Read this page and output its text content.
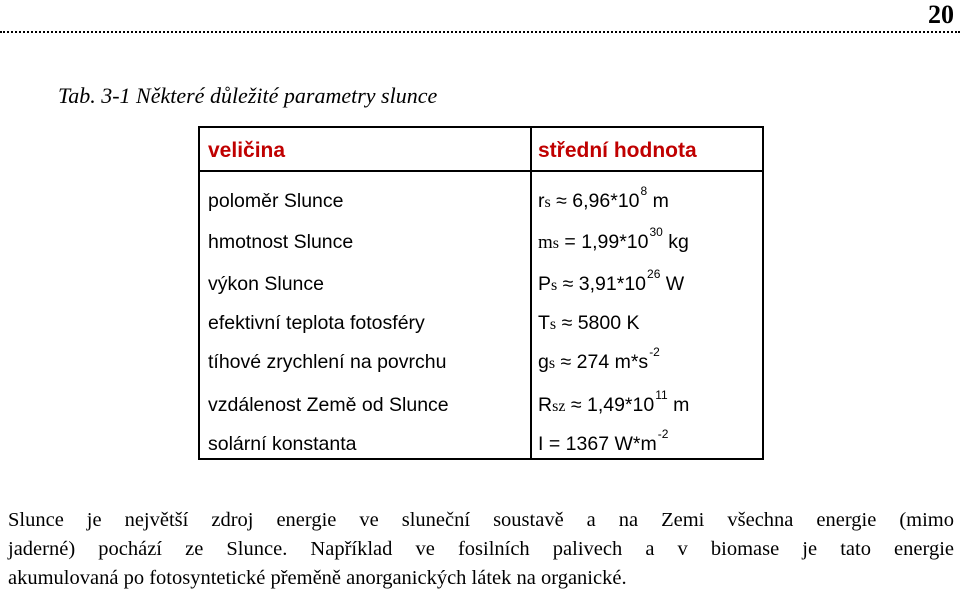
20
Tab. 3-1 Některé důležité parametry slunce
veličina	střední hodnota
poloměr Slunce	rs ≈ $6,96*10^8$ m
hmotnost Slunce	ms = $1,99*10^{30}$ kg
výkon Slunce	$Ps \approx 3,91*10^{26}$ W
efektivní teplota fotosféry	Ts ≈ 5800 K
tíhové zrychlení na povrchu	gs ≈ 274 $m*s^{-2}$
vzdálenost Země od Slunce	Rsz ≈ $1,49*10^{11}$ m
solární konstanta	I = 1367 $W*m^{-2}$
Slunce je největší zdroj energie ve sluneční soustavě a na Zemi všechna energie (mimo
jaderné) pochází ze Slunce. Například ve fosilních palivech a v biomase je tato energie
akumulovaná po fotosyntetické přeměně anorganických látek na organické.
